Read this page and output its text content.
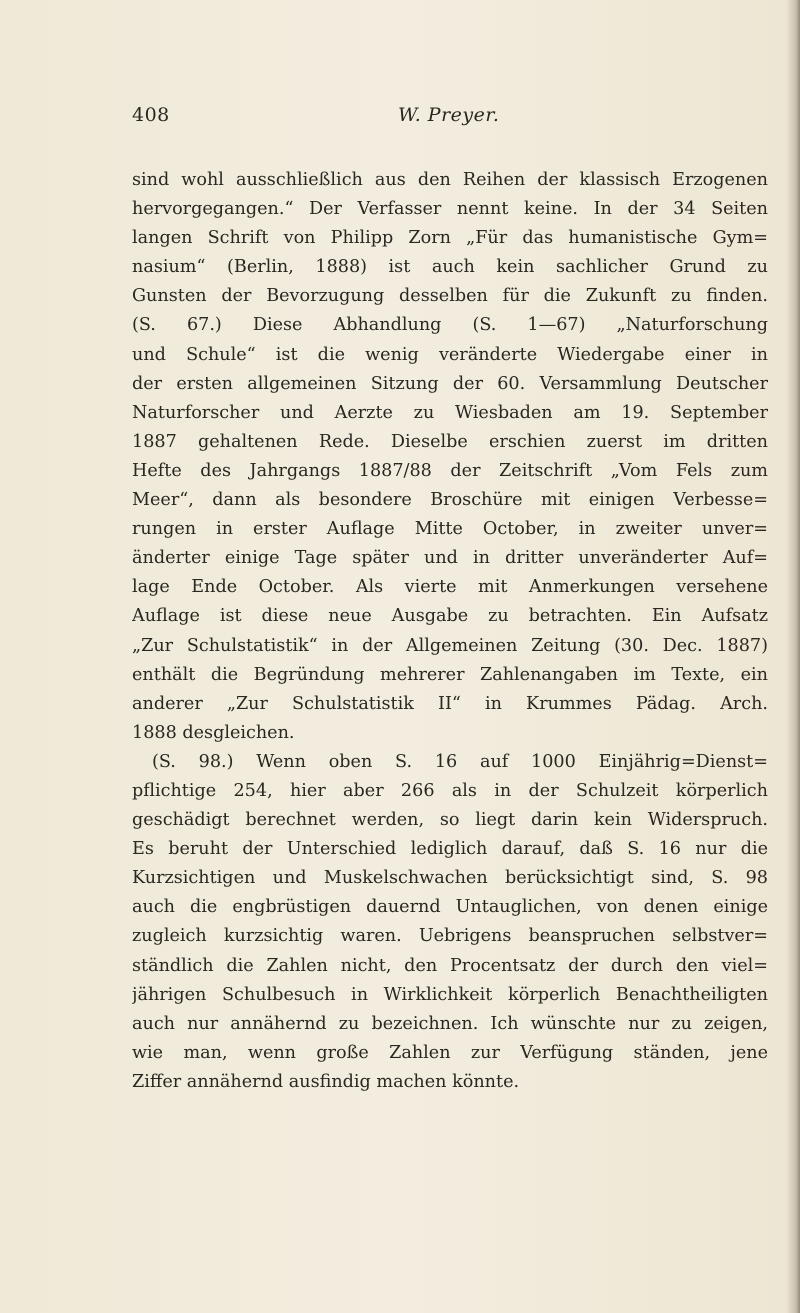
408	W. Preyer.
sind wohl ausschließlich aus den Reihen der klassisch Erzogenen
hervorgegangen.“ Der Verfasser nennt keine. In der 34 Seiten
langen Schrift von Philipp Zorn „Für das humanistische Gym=
nasium“ (Berlin, 1888) ist auch kein sachlicher Grund zu
Gunsten der Bevorzugung desselben für die Zukunft zu finden.
(S. 67.) Diese Abhandlung (S. 1—67) „Naturforschung
und Schule“ ist die wenig veränderte Wiedergabe einer in
der ersten allgemeinen Sitzung der 60. Versammlung Deutscher
Naturforscher und Aerzte zu Wiesbaden am 19. September
1887 gehaltenen Rede. Dieselbe erschien zuerst im dritten
Hefte des Jahrgangs 1887/88 der Zeitschrift „Vom Fels zum
Meer“, dann als besondere Broschüre mit einigen Verbesse=
rungen in erster Auflage Mitte October, in zweiter unver=
änderter einige Tage später und in dritter unveränderter Auf=
lage Ende October. Als vierte mit Anmerkungen versehene
Auflage ist diese neue Ausgabe zu betrachten. Ein Aufsatz
„Zur Schulstatistik“ in der Allgemeinen Zeitung (30. Dec. 1887)
enthält die Begründung mehrerer Zahlenangaben im Texte, ein
anderer „Zur Schulstatistik II“ in Krummes Pädag. Arch.
1888 desgleichen.
(S. 98.) Wenn oben S. 16 auf 1000 Einjährig=Dienst=
pflichtige 254, hier aber 266 als in der Schulzeit körperlich
geschädigt berechnet werden, so liegt darin kein Widerspruch.
Es beruht der Unterschied lediglich darauf, daß S. 16 nur die
Kurzsichtigen und Muskelschwachen berücksichtigt sind, S. 98
auch die engbrüstigen dauernd Untauglichen, von denen einige
zugleich kurzsichtig waren. Uebrigens beanspruchen selbstver=
ständlich die Zahlen nicht, den Procentsatz der durch den viel=
jährigen Schulbesuch in Wirklichkeit körperlich Benachtheiligten
auch nur annähernd zu bezeichnen. Ich wünschte nur zu zeigen,
wie man, wenn große Zahlen zur Verfügung ständen, jene
Ziffer annähernd ausfindig machen könnte.
